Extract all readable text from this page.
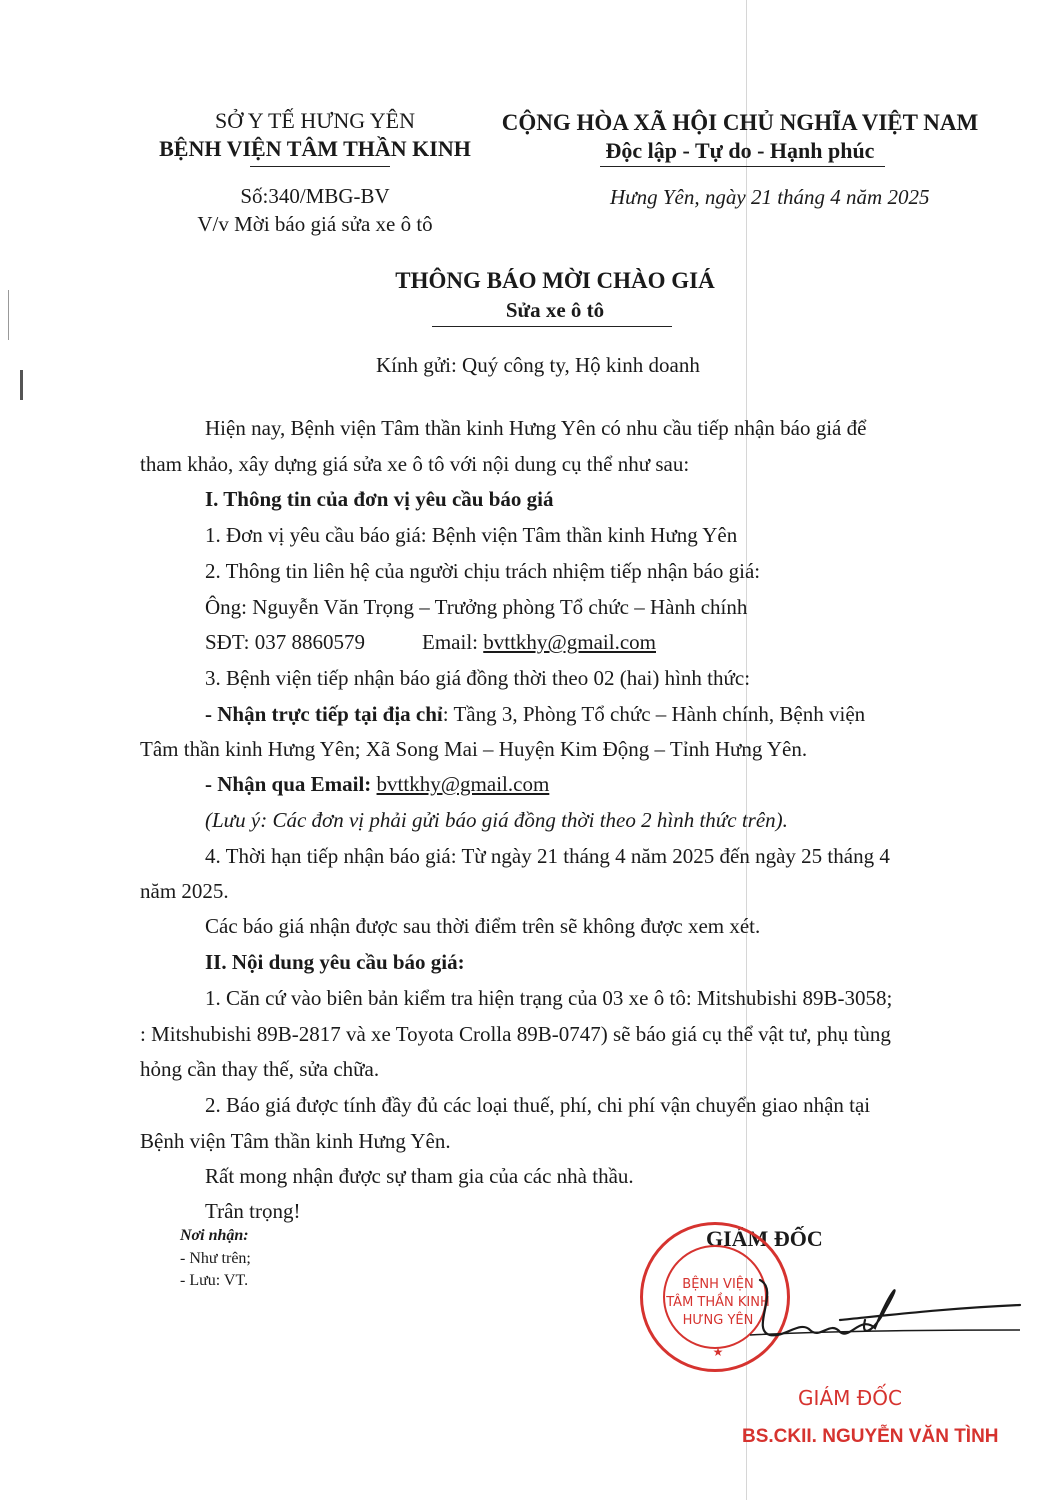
SỞ Y TẾ HƯNG YÊN
BỆNH VIỆN TÂM THẦN KINH
Số:340/MBG-BV
V/v Mời báo giá sửa xe ô tô
CỘNG HÒA XÃ HỘI CHỦ NGHĨA VIỆT NAM
Độc lập - Tự do - Hạnh phúc
Hưng Yên, ngày 21 tháng 4 năm 2025
THÔNG BÁO MỜI CHÀO GIÁ
Sửa xe ô tô
Kính gửi: Quý công ty, Hộ kinh doanh
Hiện nay, Bệnh viện Tâm thần kinh Hưng Yên có nhu cầu tiếp nhận báo giá để
tham khảo, xây dựng giá sửa xe ô tô với nội dung cụ thể như sau:
I. Thông tin của đơn vị yêu cầu báo giá
1. Đơn vị yêu cầu báo giá: Bệnh viện Tâm thần kinh Hưng Yên
2. Thông tin liên hệ của người chịu trách nhiệm tiếp nhận báo giá:
Ông: Nguyễn Văn Trọng – Trưởng phòng Tổ chức – Hành chính
SĐT: 037 8860579	Email: bvttkhy@gmail.com
3. Bệnh viện tiếp nhận báo giá đồng thời theo 02 (hai) hình thức:
- Nhận trực tiếp tại địa chỉ: Tầng 3, Phòng Tổ chức – Hành chính, Bệnh viện
Tâm thần kinh Hưng Yên; Xã Song Mai – Huyện Kim Động – Tỉnh Hưng Yên.
- Nhận qua Email: bvttkhy@gmail.com
(Lưu ý: Các đơn vị phải gửi báo giá đồng thời theo 2 hình thức trên).
4. Thời hạn tiếp nhận báo giá: Từ ngày 21 tháng 4 năm 2025 đến ngày 25 tháng 4
năm 2025.
Các báo giá nhận được sau thời điểm trên sẽ không được xem xét.
II. Nội dung yêu cầu báo giá:
1. Căn cứ vào biên bản kiểm tra hiện trạng của 03 xe ô tô: Mitshubishi 89B-3058;
: Mitshubishi 89B-2817 và xe Toyota Crolla 89B-0747) sẽ báo giá cụ thể vật tư, phụ tùng
hỏng cần thay thế, sửa chữa.
2. Báo giá được tính đầy đủ các loại thuế, phí, chi phí vận chuyển giao nhận tại
Bệnh viện Tâm thần kinh Hưng Yên.
Rất mong nhận được sự tham gia của các nhà thầu.
Trân trọng!
Nơi nhận:
- Như trên;
- Lưu: VT.
GIÁM ĐỐC
BỆNH VIỆN
TÂM THẦN KINH
HƯNG YÊN
★
GIÁM ĐỐC
BS.CKII. NGUYỄN VĂN TÌNH
